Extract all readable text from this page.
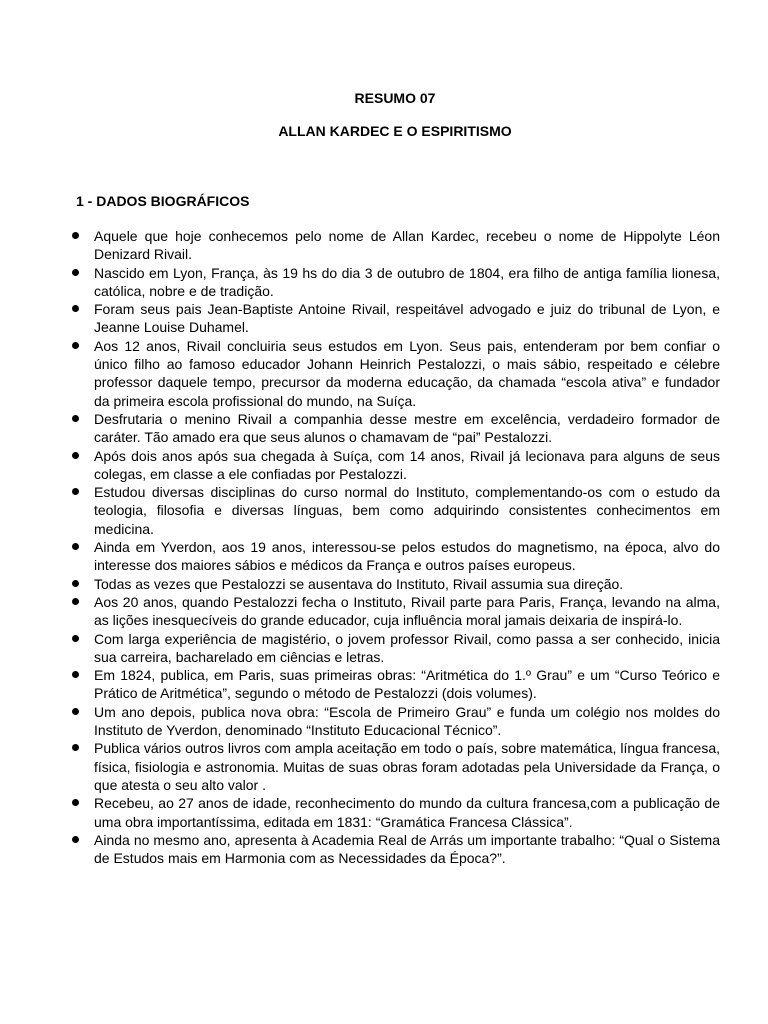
RESUMO 07
ALLAN KARDEC E O ESPIRITISMO
1 - DADOS BIOGRÁFICOS
Aquele que hoje conhecemos pelo nome de Allan Kardec, recebeu o nome de Hippolyte Léon Denizard Rivail.
Nascido em Lyon, França, às 19 hs do dia 3 de outubro de 1804, era filho de antiga família lionesa, católica, nobre e de tradição.
Foram seus pais Jean-Baptiste Antoine Rivail, respeitável advogado e juiz do tribunal de Lyon, e Jeanne Louise Duhamel.
Aos 12 anos, Rivail concluiria seus estudos em Lyon. Seus pais, entenderam por bem confiar o único filho ao famoso educador Johann Heinrich Pestalozzi, o mais sábio, respeitado e célebre professor daquele tempo, precursor da moderna educação, da chamada “escola ativa” e fundador da primeira escola profissional do mundo, na Suíça.
Desfrutaria o menino Rivail a companhia desse mestre em excelência, verdadeiro formador de caráter. Tão amado era que seus alunos o chamavam de “pai” Pestalozzi.
Após dois anos após sua chegada à Suíça, com 14 anos, Rivail já lecionava para alguns de seus colegas, em classe a ele confiadas por Pestalozzi.
Estudou diversas disciplinas do curso normal do Instituto, complementando-os com o estudo da teologia, filosofia e diversas línguas, bem como adquirindo consistentes conhecimentos em medicina.
Ainda em Yverdon, aos 19 anos, interessou-se pelos estudos do magnetismo, na época, alvo do interesse dos maiores sábios e médicos da França e outros países europeus.
Todas as vezes que Pestalozzi se ausentava do Instituto, Rivail assumia sua direção.
Aos 20 anos, quando Pestalozzi fecha o Instituto, Rivail parte para Paris, França, levando na alma, as lições inesquecíveis do grande educador, cuja influência moral jamais deixaria de inspirá-lo.
Com larga experiência de magistério, o jovem professor Rivail, como passa a ser conhecido, inicia sua carreira, bacharelado em ciências e letras.
Em 1824, publica, em Paris, suas primeiras obras: “Aritmética do 1.º Grau” e um “Curso Teórico e Prático de Aritmética”, segundo o método de Pestalozzi (dois volumes).
Um ano depois, publica nova obra: “Escola de Primeiro Grau” e funda um colégio nos moldes do Instituto de Yverdon, denominado “Instituto Educacional Técnico”.
Publica vários outros livros com ampla aceitação em todo o país, sobre matemática, língua francesa, física, fisiologia e astronomia. Muitas de suas obras foram adotadas pela Universidade da França, o que atesta o seu alto valor .
Recebeu, ao 27 anos de idade, reconhecimento do mundo da cultura francesa,com a publicação de uma obra importantíssima, editada em 1831: “Gramática Francesa Clássica”.
Ainda no mesmo ano, apresenta à Academia Real de Arrás um importante trabalho: “Qual o Sistema de Estudos mais em Harmonia com as Necessidades da Época?”.
